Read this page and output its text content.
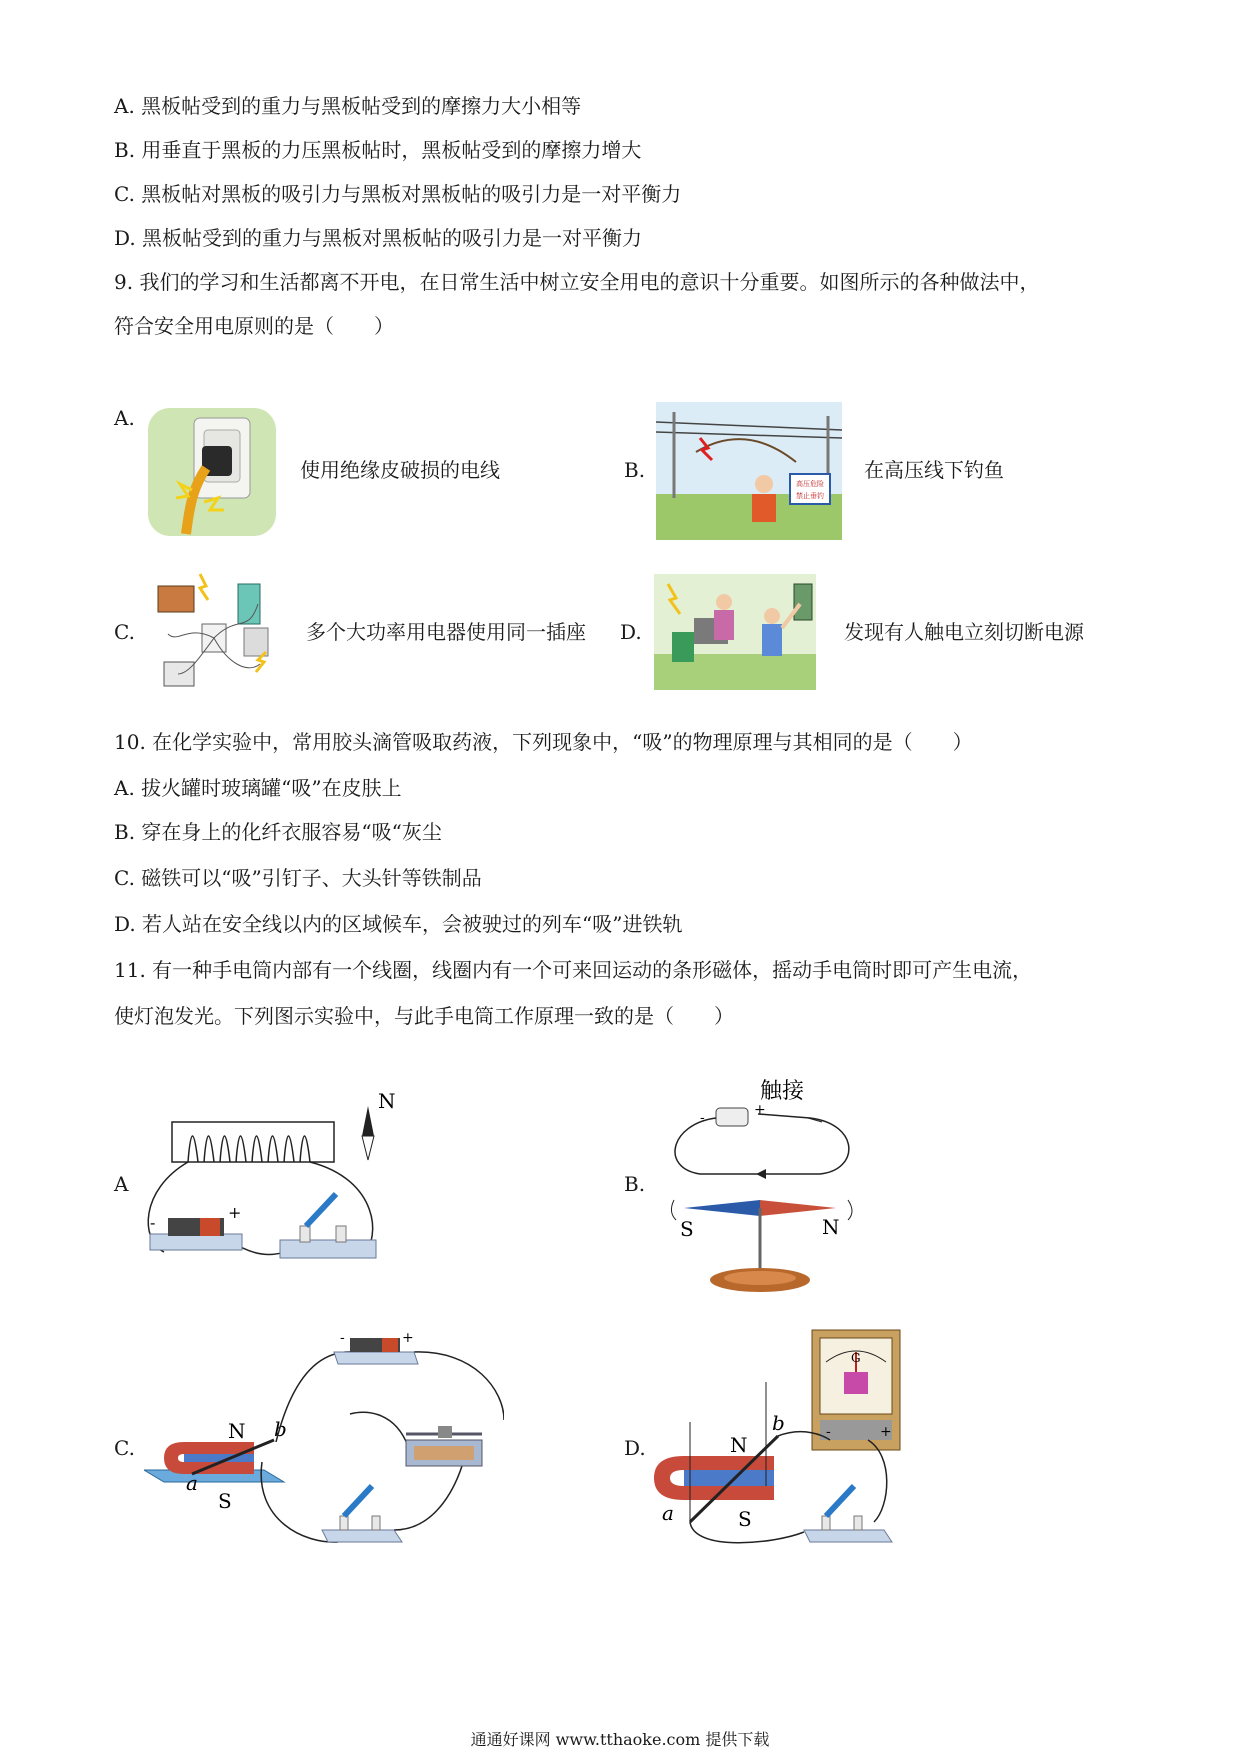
A. 黑板帖受到的重力与黑板帖受到的摩擦力大小相等
B. 用垂直于黑板的力压黑板帖时，黑板帖受到的摩擦力增大
C. 黑板帖对黑板的吸引力与黑板对黑板帖的吸引力是一对平衡力
D. 黑板帖受到的重力与黑板对黑板帖的吸引力是一对平衡力
9. 我们的学习和生活都离不开电，在日常生活中树立安全用电的意识十分重要。如图所示的各种做法中，
符合安全用电原则的是（　　）
A.
使用绝缘皮破损的电线	B.
高压危险
禁止垂钓
在高压线下钓鱼
C.	多个大功率用电器使用同一插座 D.	发现有人触电立刻切断电源
10. 在化学实验中，常用胶头滴管吸取药液，下列现象中，“吸”的物理原理与其相同的是（　　）
A. 拔火罐时玻璃罐“吸”在皮肤上
B. 穿在身上的化纤衣服容易“吸“灰尘
C. 磁铁可以“吸”引钉子、大头针等铁制品
D. 若人站在安全线以内的区域候车，会被驶过的列车“吸”进铁轨
11. 有一种手电筒内部有一个线圈，线圈内有一个可来回运动的条形磁体，摇动手电筒时即可产生电流，
使灯泡发光。下列图示实验中，与此手电筒工作原理一致的是（　　）
A
N
-
+
B.
触接
-	+
S	N
C.
N
S
a
b
-	+
D.
G
-	+
N
S
a
b
通通好课网 www.tthaoke.com 提供下载
